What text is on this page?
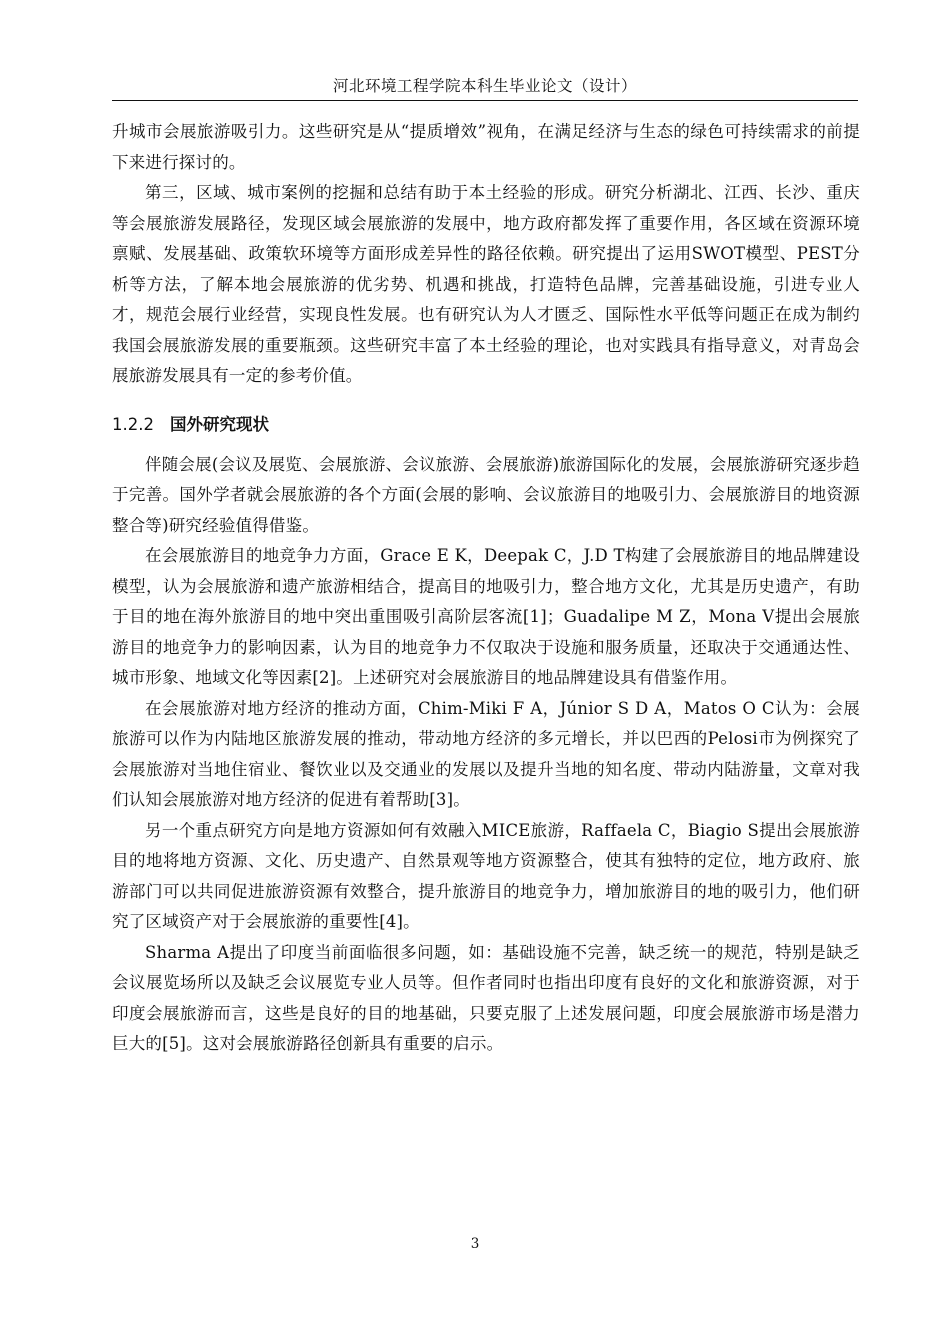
河北环境工程学院本科生毕业论文（设计）

升城市会展旅游吸引力。这些研究是从“提质增效”视角，在满足经济与生态的绿色可持续需求的前提下来进行探讨的。

第三，区域、城市案例的挖掘和总结有助于本土经验的形成。研究分析湖北、江西、长沙、重庆等会展旅游发展路径，发现区域会展旅游的发展中，地方政府都发挥了重要作用，各区域在资源环境禀赋、发展基础、政策软环境等方面形成差异性的路径依赖。研究提出了运用SWOT模型、PEST分析等方法，了解本地会展旅游的优劣势、机遇和挑战，打造特色品牌，完善基础设施，引进专业人才，规范会展行业经营，实现良性发展。也有研究认为人才匮乏、国际性水平低等问题正在成为制约我国会展旅游发展的重要瓶颈。这些研究丰富了本土经验的理论，也对实践具有指导意义，对青岛会展旅游发展具有一定的参考价值。

1.2.2 国外研究现状

伴随会展(会议及展览、会展旅游、会议旅游、会展旅游)旅游国际化的发展，会展旅游研究逐步趋于完善。国外学者就会展旅游的各个方面(会展的影响、会议旅游目的地吸引力、会展旅游目的地资源整合等)研究经验值得借鉴。

在会展旅游目的地竞争力方面，Grace E K，Deepak C，J.D T构建了会展旅游目的地品牌建设模型，认为会展旅游和遗产旅游相结合，提高目的地吸引力，整合地方文化，尤其是历史遗产，有助于目的地在海外旅游目的地中突出重围吸引高阶层客流[1]；Guadalipe M Z，Mona V提出会展旅游目的地竞争力的影响因素，认为目的地竞争力不仅取决于设施和服务质量，还取决于交通通达性、城市形象、地域文化等因素[2]。上述研究对会展旅游目的地品牌建设具有借鉴作用。

在会展旅游对地方经济的推动方面，Chim-Miki F A，Júnior S D A，Matos O C认为：会展旅游可以作为内陆地区旅游发展的推动，带动地方经济的多元增长，并以巴西的Pelosi市为例探究了会展旅游对当地住宿业、餐饮业以及交通业的发展以及提升当地的知名度、带动内陆游量，文章对我们认知会展旅游对地方经济的促进有着帮助[3]。

另一个重点研究方向是地方资源如何有效融入MICE旅游，Raffaela C，Biagio S提出会展旅游目的地将地方资源、文化、历史遗产、自然景观等地方资源整合，使其有独特的定位，地方政府、旅游部门可以共同促进旅游资源有效整合，提升旅游目的地竞争力，增加旅游目的地的吸引力，他们研究了区域资产对于会展旅游的重要性[4]。

Sharma A提出了印度当前面临很多问题，如：基础设施不完善，缺乏统一的规范，特别是缺乏会议展览场所以及缺乏会议展览专业人员等。但作者同时也指出印度有良好的文化和旅游资源，对于印度会展旅游而言，这些是良好的目的地基础，只要克服了上述发展问题，印度会展旅游市场是潜力巨大的[5]。这对会展旅游路径创新具有重要的启示。

3
